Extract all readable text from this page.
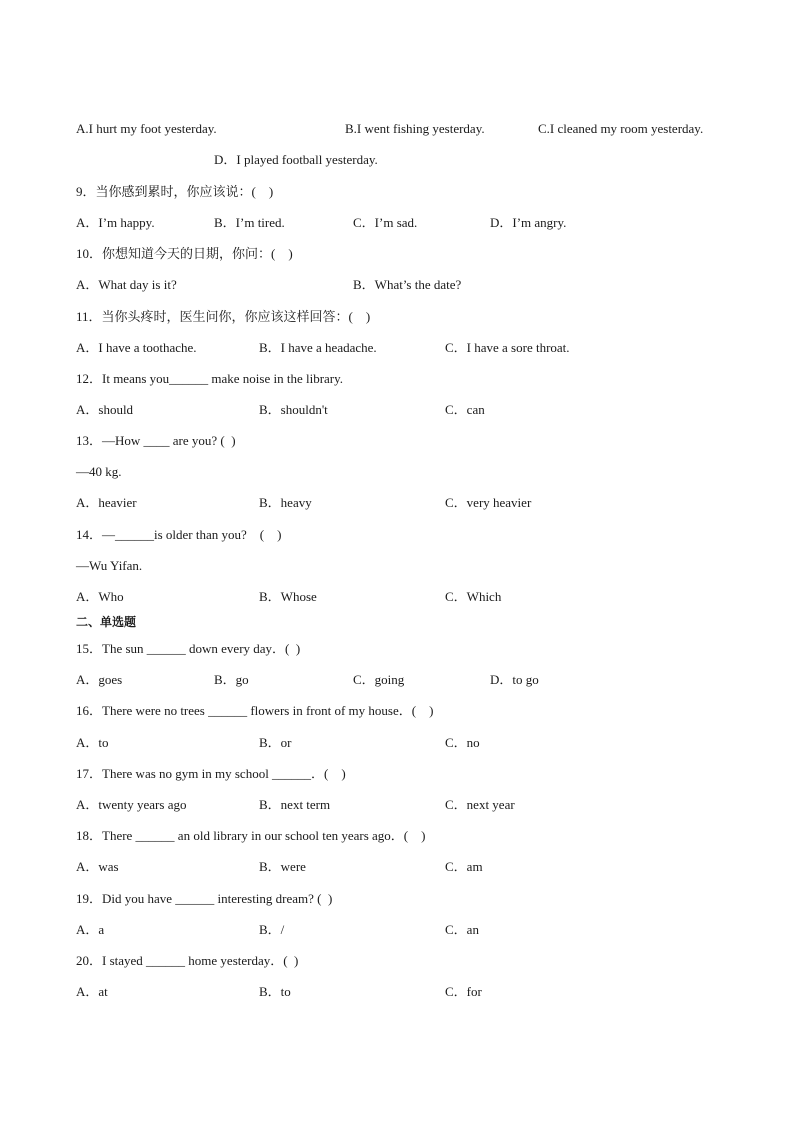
A.I hurt my foot yesterday.	B.I went fishing yesterday.	C.I cleaned my room yesterday.
D．I played football yesterday.
9．当你感到累时，你应该说：(　)
A．I’m happy.	B．I’m tired.	C．I’m sad.	D．I’m angry.
10．你想知道今天的日期，你问：(　)
A．What day is it?	B．What’s the date?
11．当你头疼时，医生问你，你应该这样回答：(　)
A．I have a toothache.	B．I have a headache.	C．I have a sore throat.
12．It means you______ make noise in the library.
A．should	B．shouldn't	C．can
13．—How ____ are you? (  )
—40 kg.
A．heavier	B．heavy	C．very heavier
14．—______is older than you?　(　)
—Wu Yifan.
A．Who	B．Whose	C．Which
二、单选题
15．The sun ______ down every day．(  )
A．goes	B．go	C．going	D．to go
16．There were no trees ______ flowers in front of my house．(　)
A．to	B．or	C．no
17．There was no gym in my school ______．(　)
A．twenty years ago	B．next term	C．next year
18．There ______ an old library in our school ten years ago．(　)
A．was	B．were	C．am
19．Did you have ______ interesting dream? (  )
A．a	B．/	C．an
20．I stayed ______ home yesterday．(  )
A．at	B．to	C．for
